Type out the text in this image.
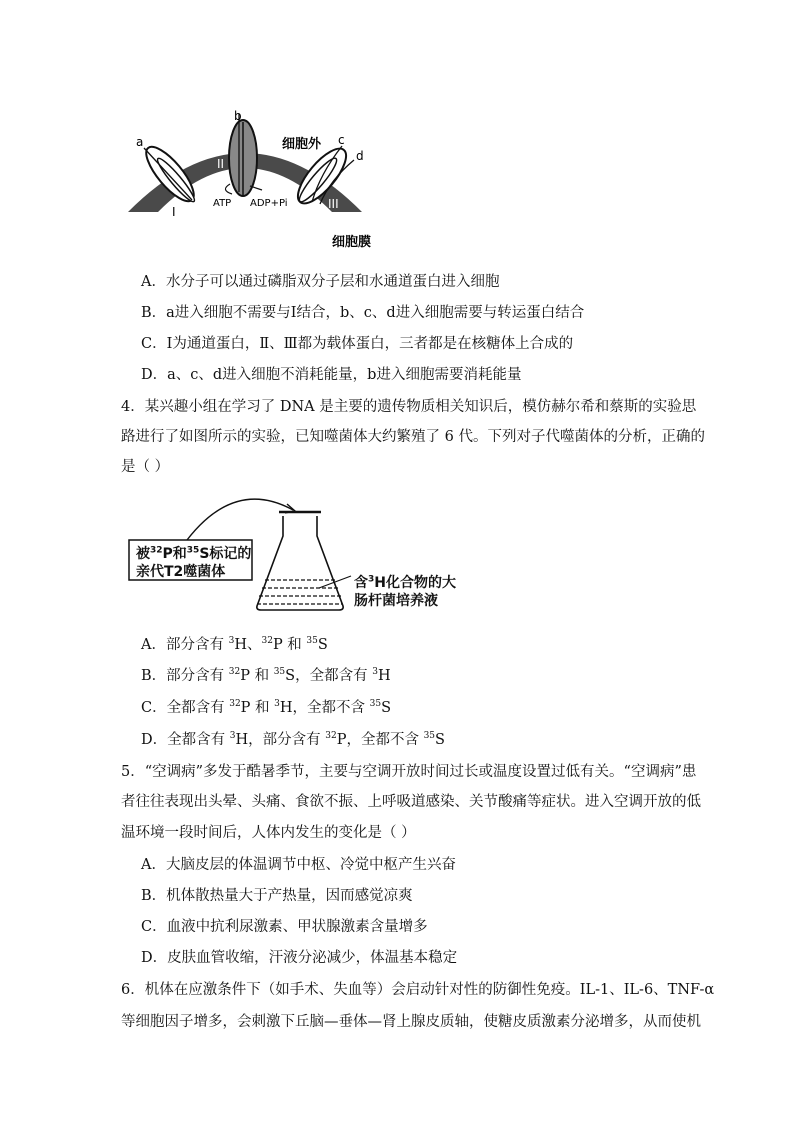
a
b
c
d
I
II
III
细胞外
细胞膜
ATP ADP+Pi
A．水分子可以通过磷脂双分子层和水通道蛋白进入细胞
B．a进入细胞不需要与Ⅰ结合，b、c、d进入细胞需要与转运蛋白结合
C．Ⅰ为通道蛋白，Ⅱ、Ⅲ都为载体蛋白，三者都是在核糖体上合成的
D．a、c、d进入细胞不消耗能量，b进入细胞需要消耗能量
4．某兴趣小组在学习了 DNA 是主要的遗传物质相关知识后，模仿赫尔希和蔡斯的实验思
路进行了如图所示的实验，已知噬菌体大约繁殖了 6 代。下列对子代噬菌体的分析，正确的
是（ ）
被$^{32}$P和$^{35}$S标记的
亲代T2噬菌体
含$^3$H化合物的大
肠杆菌培养液
A．部分含有 $^3$H、$^{32}$P 和 $^{35}$S
B．部分含有 $^{32}$P 和 $^{35}$S，全都含有 $^3$H
C．全都含有 $^{32}$P 和 $^3$H，全都不含 $^{35}$S
D．全都含有 $^3$H，部分含有 $^{32}$P，全都不含 $^{35}$S
5．“空调病”多发于酷暑季节，主要与空调开放时间过长或温度设置过低有关。“空调病”患
者往往表现出头晕、头痛、食欲不振、上呼吸道感染、关节酸痛等症状。进入空调开放的低
温环境一段时间后，人体内发生的变化是（ ）
A．大脑皮层的体温调节中枢、冷觉中枢产生兴奋
B．机体散热量大于产热量，因而感觉凉爽
C．血液中抗利尿激素、甲状腺激素含量增多
D．皮肤血管收缩，汗液分泌减少，体温基本稳定
6．机体在应激条件下（如手术、失血等）会启动针对性的防御性免疫。IL-1、IL-6、TNF-α
等细胞因子增多，会刺激下丘脑—垂体—肾上腺皮质轴，使糖皮质激素分泌增多，从而使机
